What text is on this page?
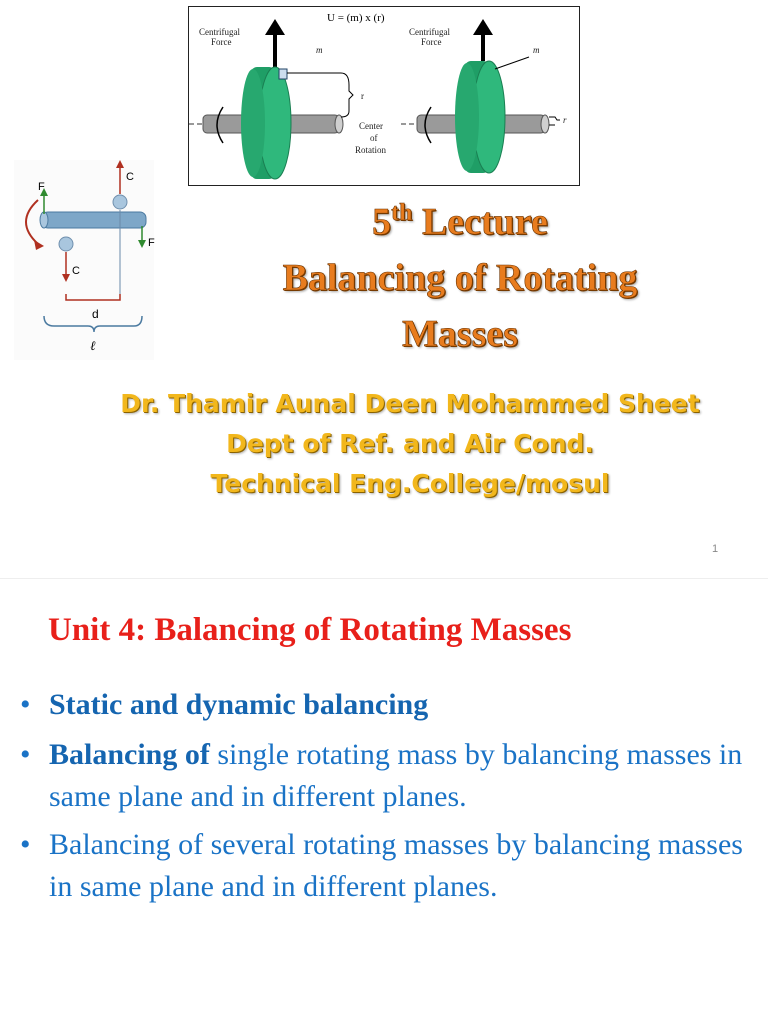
U = (m) x (r)
Centrifugal
Force
m
r
Center
of
Rotation
Centrifugal
Force
m
r
F
F
C
C
d
ℓ
5th Lecture
Balancing of Rotating
Masses
Dr. Thamir Aunal Deen Mohammed Sheet
Dept of Ref. and Air Cond.
Technical Eng.College/mosul
1
Unit 4: Balancing of Rotating Masses
• Static and dynamic balancing
• Balancing of single rotating mass by balancing masses in same plane and in different planes.
• Balancing of several rotating masses by balancing masses in same plane and in different planes.
